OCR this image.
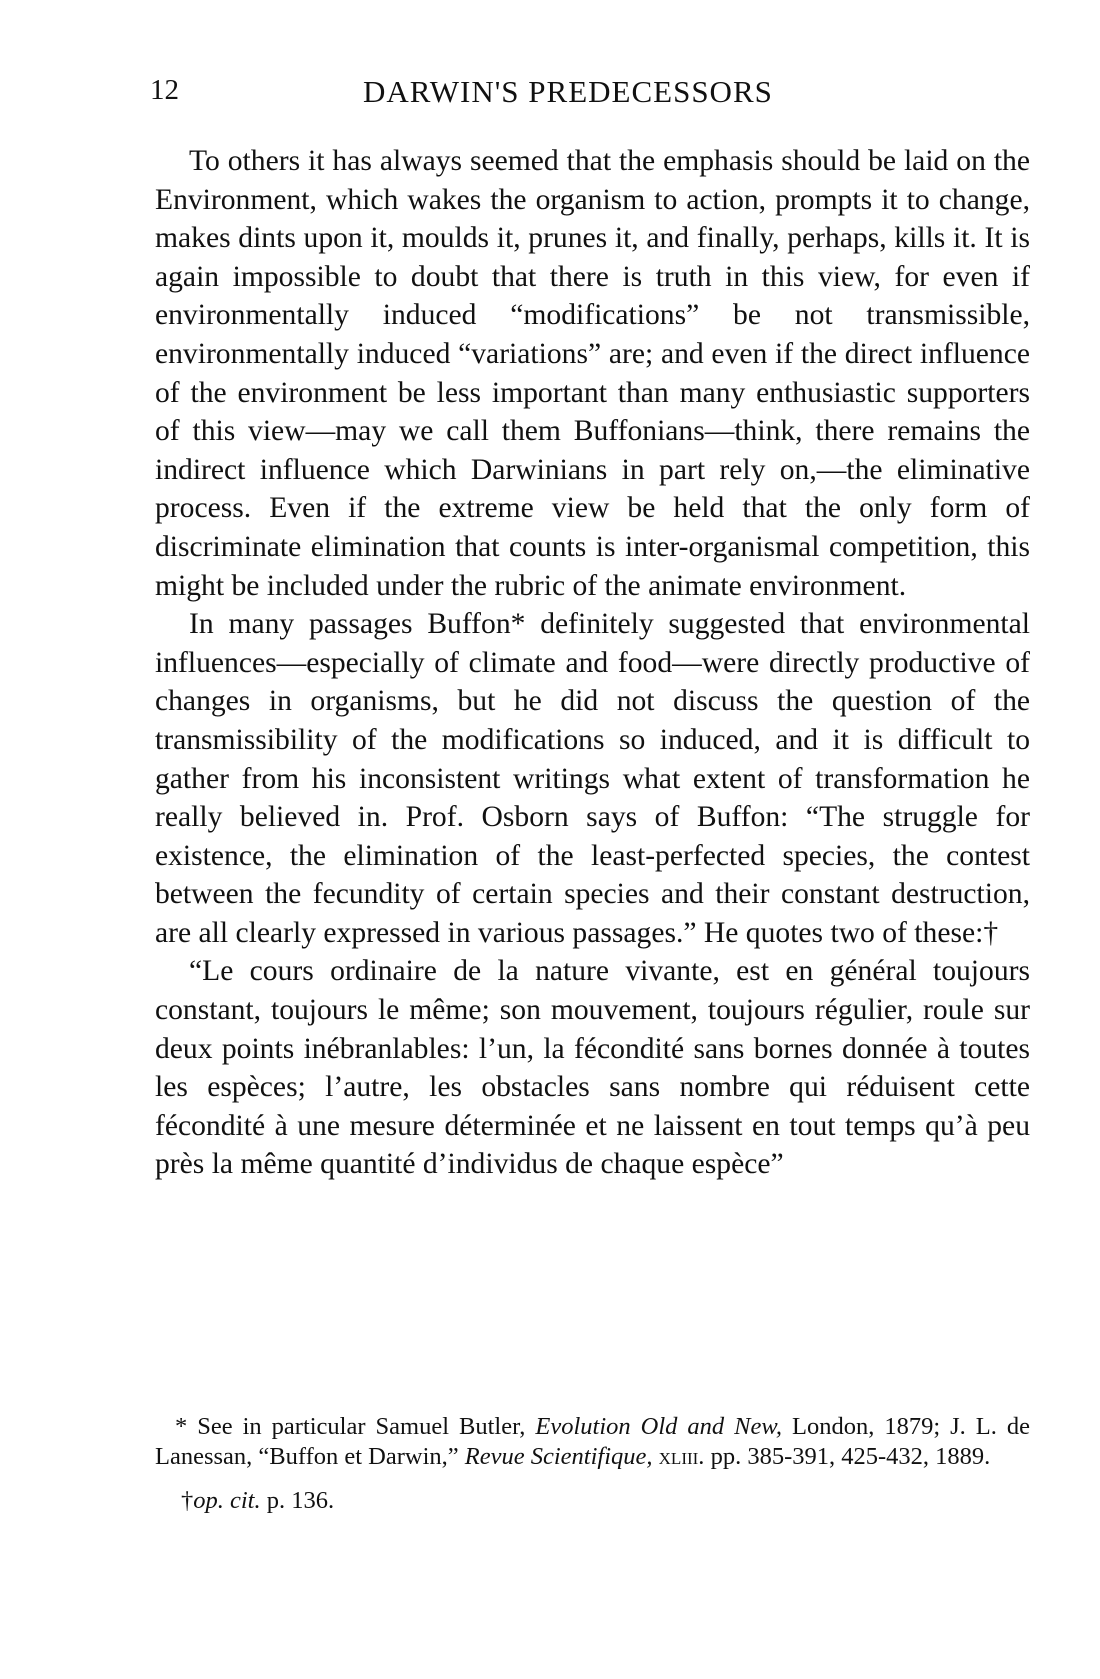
12	DARWIN'S PREDECESSORS

To others it has always seemed that the emphasis should be laid on the Environment, which wakes the organism to action, prompts it to change, makes dints upon it, moulds it, prunes it, and finally, perhaps, kills it. It is again impossible to doubt that there is truth in this view, for even if environmentally induced “modifications” be not transmissible, environmentally induced “variations” are; and even if the direct influence of the environment be less important than many enthusiastic supporters of this view—may we call them Buffonians—think, there remains the indirect influence which Darwinians in part rely on,—the eliminative process. Even if the extreme view be held that the only form of discriminate elimination that counts is inter-organismal competition, this might be included under the rubric of the animate environment.

In many passages Buffon* definitely suggested that environmental influences—especially of climate and food—were directly productive of changes in organisms, but he did not discuss the question of the transmissibility of the modifications so induced, and it is difficult to gather from his inconsistent writings what extent of transformation he really believed in. Prof. Osborn says of Buffon: “The struggle for existence, the elimination of the least-perfected species, the contest between the fecundity of certain species and their constant destruction, are all clearly expressed in various passages.” He quotes two of these:†

“Le cours ordinaire de la nature vivante, est en général toujours constant, toujours le même; son mouvement, toujours régulier, roule sur deux points inébranlables: l’un, la fécondité sans bornes donnée à toutes les espèces; l’autre, les obstacles sans nombre qui réduisent cette fécondité à une mesure déterminée et ne laissent en tout temps qu’à peu près la même quantité d’individus de chaque espèce”

* See in particular Samuel Butler, Evolution Old and New, London, 1879; J. L. de Lanessan, “Buffon et Darwin,” Revue Scientifique, xliii. pp. 385-391, 425-432, 1889.

†op. cit. p. 136.
